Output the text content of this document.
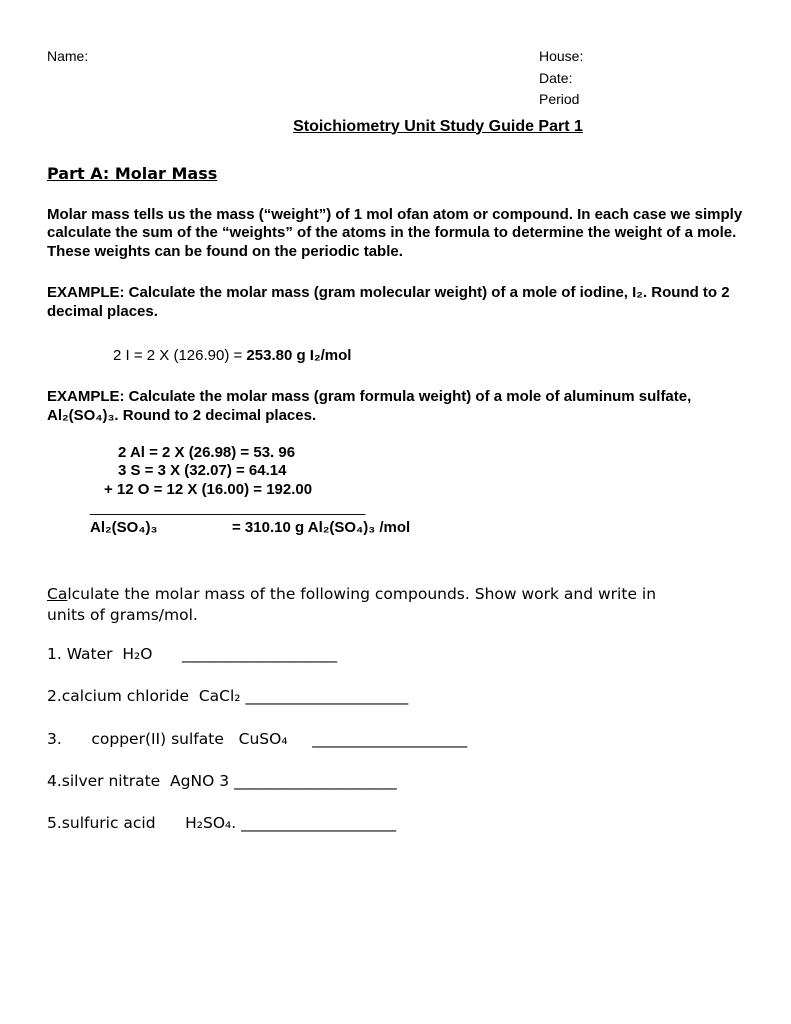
Name:	House:
Date:
Period
Stoichiometry Unit Study Guide Part 1
Part A: Molar Mass

Molar mass tells us the mass (“weight”) of 1 mol ofan atom or compound. In each case we simply calculate the sum of the “weights” of the atoms in the formula to determine the weight of a mole. These weights can be found on the periodic table.

EXAMPLE: Calculate the molar mass (gram molecular weight) of a mole of iodine, I₂. Round to 2 decimal places.

2 I = 2 X (126.90) = 253.80 g I₂/mol

EXAMPLE: Calculate the molar mass (gram formula weight) of a mole of aluminum sulfate, Al₂(SO₄)₃. Round to 2 decimal places.

2 Al = 2 X (26.98) = 53. 96
3 S = 3 X (32.07) = 64.14
+ 12 O = 12 X (16.00) = 192.00
_________________________________
Al₂(SO₄)₃	= 310.10 g Al₂(SO₄)₃ /mol

Calculate the molar mass of the following compounds. Show work and write in units of grams/mol.

1. Water  H₂O      ____________________
2.calcium chloride  CaCl₂ _____________________
3.      copper(II) sulfate   CuSO₄     ____________________
4.silver nitrate  AgNO 3 _____________________
5.sulfuric acid      H₂SO₄. ____________________
